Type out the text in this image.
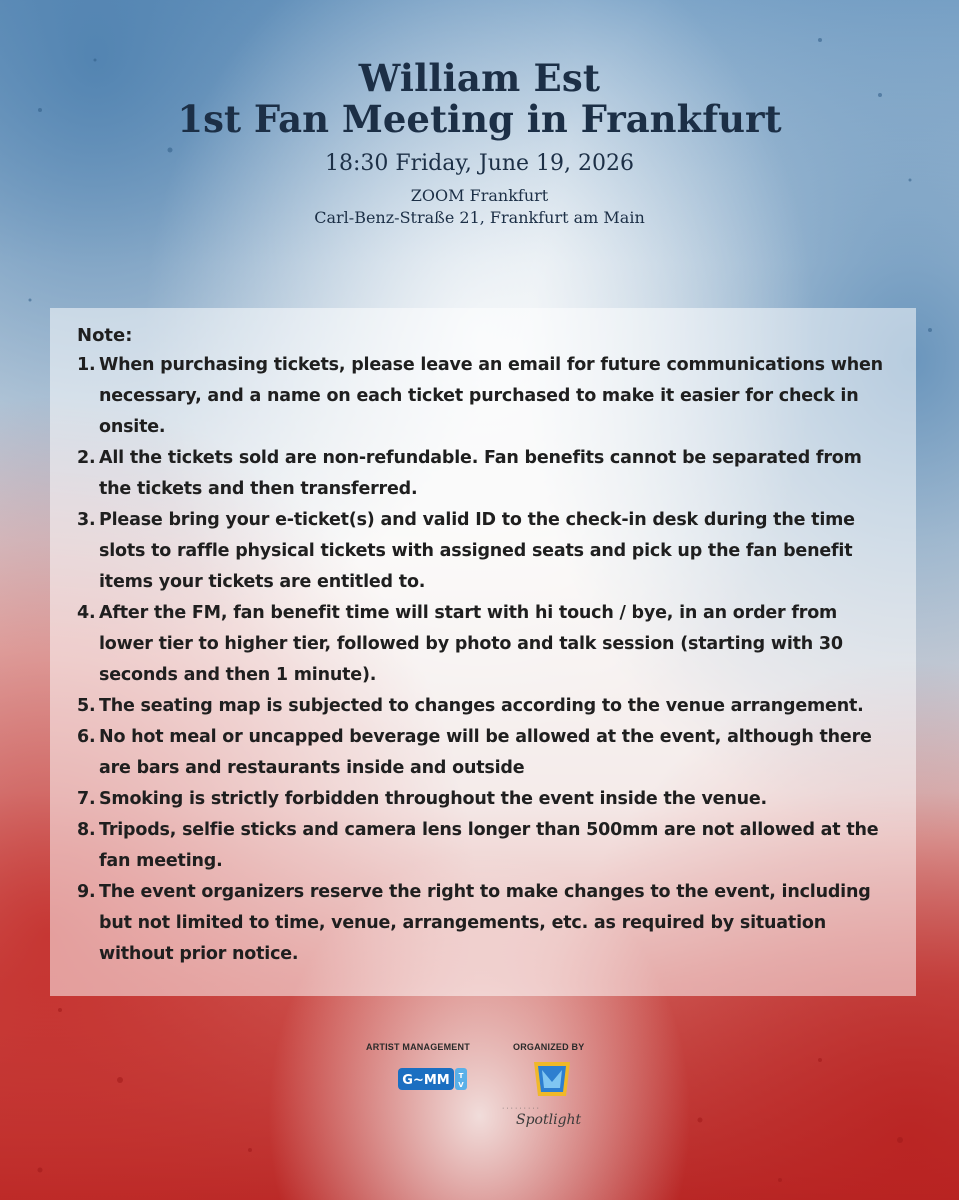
William Est
1st Fan Meeting in Frankfurt
18:30 Friday, June 19, 2026
ZOOM Frankfurt
Carl-Benz-Straße 21, Frankfurt am Main
Note:
1. When purchasing tickets, please leave an email for future communications when necessary, and a name on each ticket purchased to make it easier for check in onsite.
2. All the tickets sold are non-refundable. Fan benefits cannot be separated from the tickets and then transferred.
3. Please bring your e-ticket(s) and valid ID to the check-in desk during the time slots to raffle physical tickets with assigned seats and pick up the fan benefit items your tickets are entitled to.
4. After the FM, fan benefit time will start with hi touch / bye, in an order from lower tier to higher tier, followed by photo and talk session (starting with 30 seconds and then 1 minute).
5. The seating map is subjected to changes according to the venue arrangement.
6. No hot meal or uncapped beverage will be allowed at the event, although there are bars and restaurants inside and outside
7. Smoking is strictly forbidden throughout the event inside the venue.
8. Tripods, selfie sticks and camera lens longer than 500mm are not allowed at the fan meeting.
9. The event organizers reserve the right to make changes to the event, including but not limited to time, venue, arrangements, etc. as required by situation without prior notice.
ARTIST MANAGEMENT	ORGANIZED BY
G~MM T
V
·········
Spotlight
